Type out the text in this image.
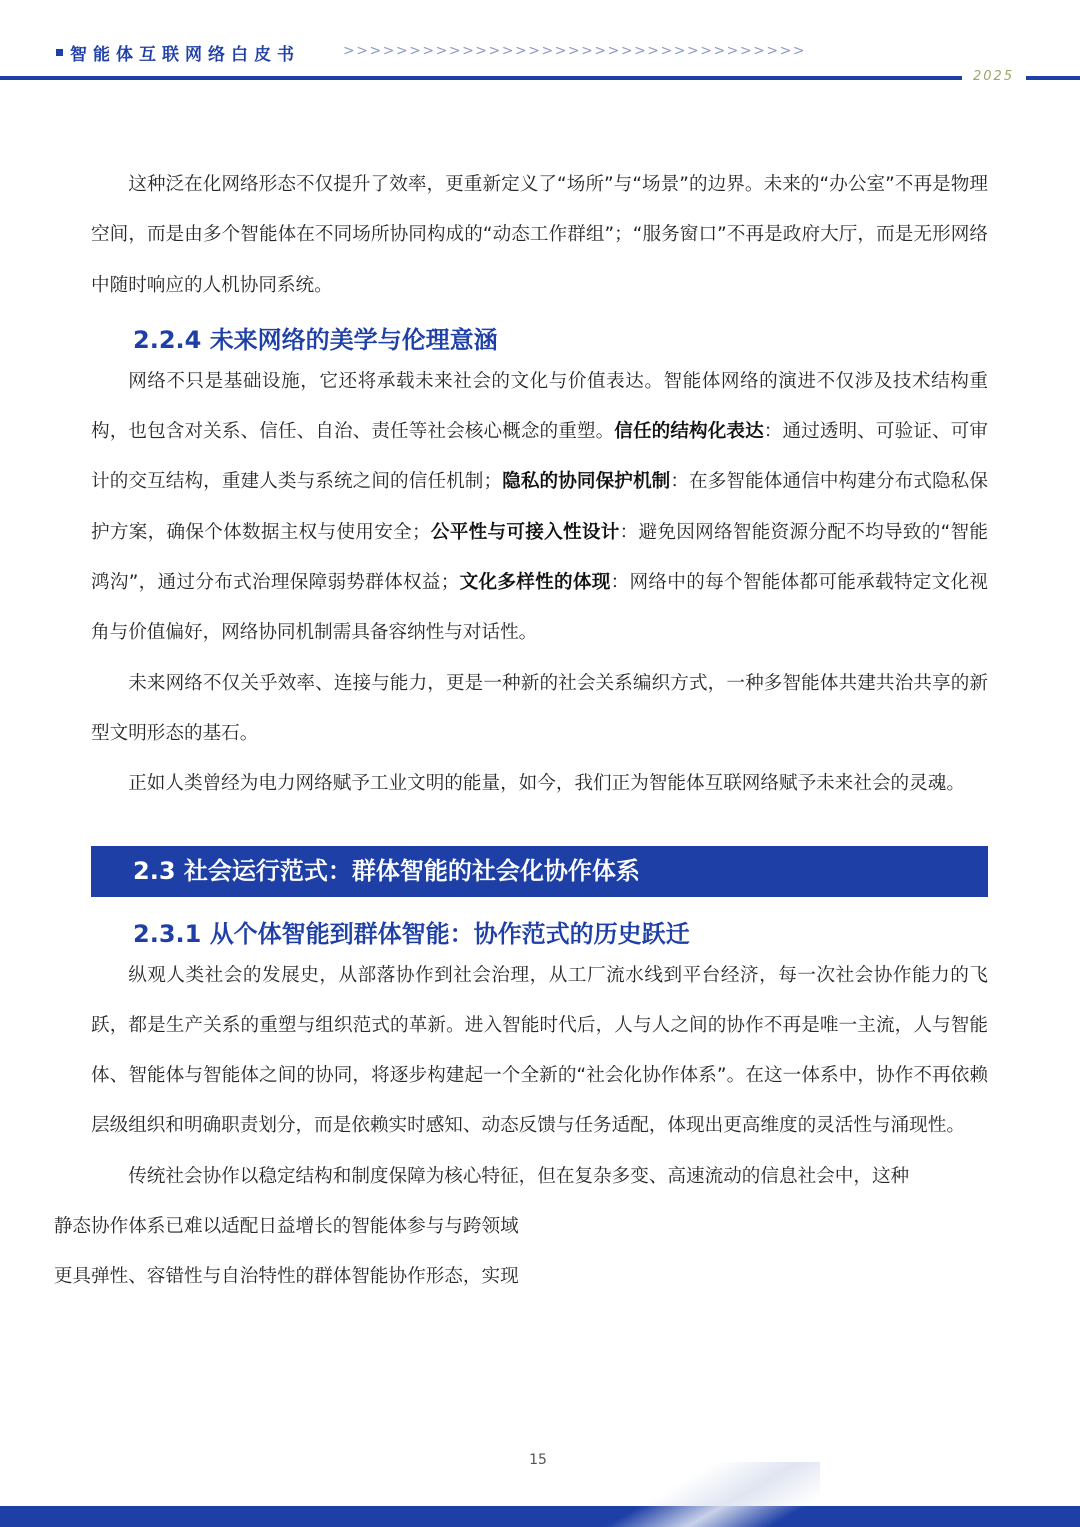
智能体互联网络白皮书	>>>>>>>>>>>>>>>>>>>>>>>>>>>>>>>>>>>
2025

这种泛在化网络形态不仅提升了效率，更重新定义了“场所”与“场景”的边界。未来的“办公室”不再是物理空间，而是由多个智能体在不同场所协同构成的“动态工作群组”；“服务窗口”不再是政府大厅，而是无形网络中随时响应的人机协同系统。

2.2.4 未来网络的美学与伦理意涵

网络不只是基础设施，它还将承载未来社会的文化与价值表达。智能体网络的演进不仅涉及技术结构重构，也包含对关系、信任、自治、责任等社会核心概念的重塑。信任的结构化表达：通过透明、可验证、可审计的交互结构，重建人类与系统之间的信任机制；隐私的协同保护机制：在多智能体通信中构建分布式隐私保护方案，确保个体数据主权与使用安全；公平性与可接入性设计：避免因网络智能资源分配不均导致的“智能鸿沟”，通过分布式治理保障弱势群体权益；文化多样性的体现：网络中的每个智能体都可能承载特定文化视角与价值偏好，网络协同机制需具备容纳性与对话性。

未来网络不仅关乎效率、连接与能力，更是一种新的社会关系编织方式，一种多智能体共建共治共享的新型文明形态的基石。

正如人类曾经为电力网络赋予工业文明的能量，如今，我们正为智能体互联网络赋予未来社会的灵魂。

2.3 社会运行范式：群体智能的社会化协作体系
2.3.1 从个体智能到群体智能：协作范式的历史跃迁

纵观人类社会的发展史，从部落协作到社会治理，从工厂流水线到平台经济，每一次社会协作能力的飞跃，都是生产关系的重塑与组织范式的革新。进入智能时代后，人与人之间的协作不再是唯一主流，人与智能体、智能体与智能体之间的协同，将逐步构建起一个全新的“社会化协作体系”。在这一体系中，协作不再依赖层级组织和明确职责划分，而是依赖实时感知、动态反馈与任务适配，体现出更高维度的灵活性与涌现性。

传统社会协作以稳定结构和制度保障为核心特征，但在复杂多变、高速流动的信息社会中，这种
静态协作体系已难以适配日益增长的智能体参与与跨领域
更具弹性、容错性与自治特性的群体智能协作形态，实现

15
